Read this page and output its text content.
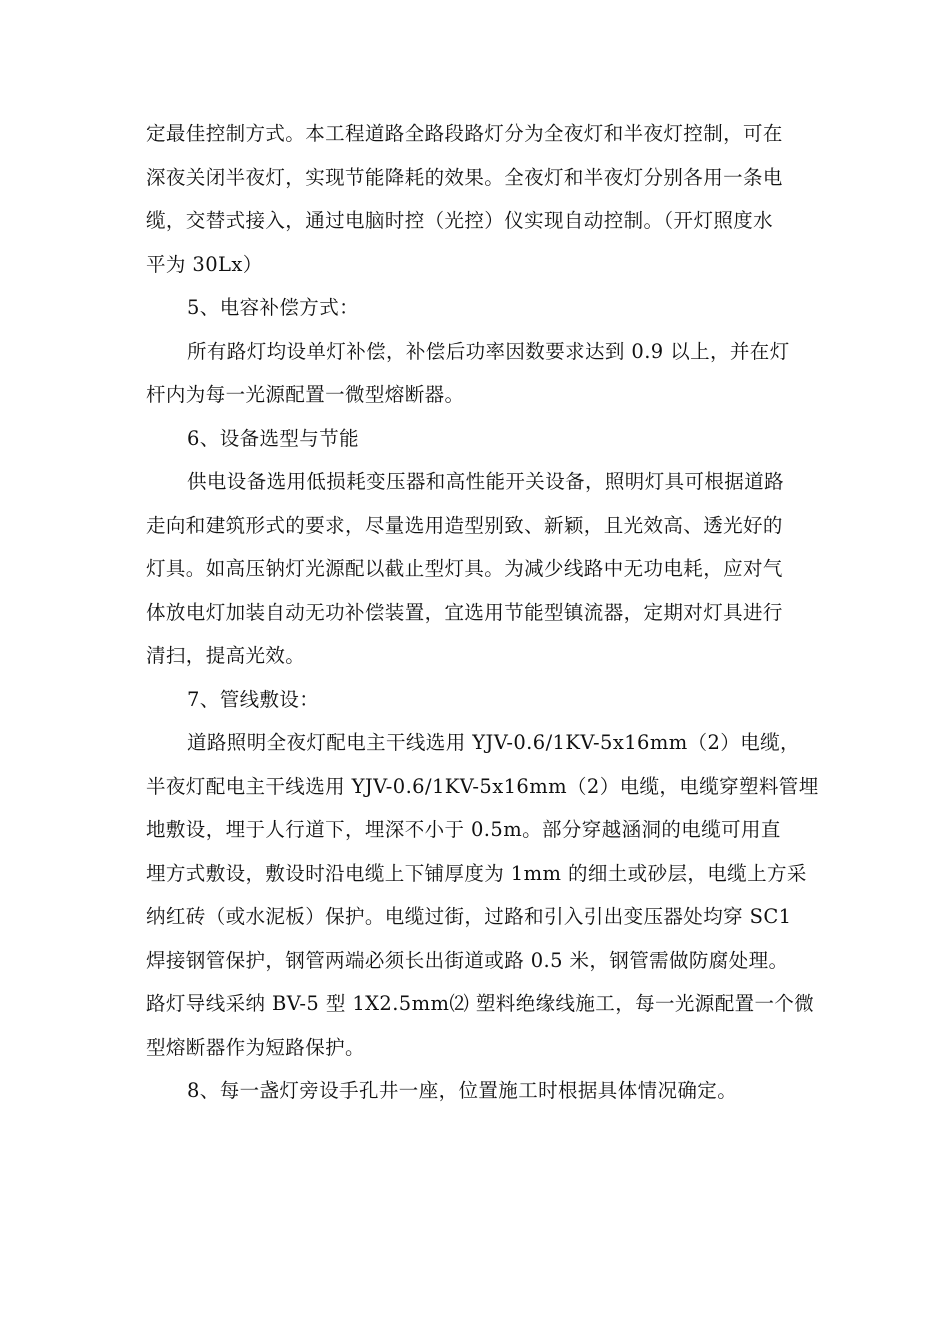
定最佳控制方式。本工程道路全路段路灯分为全夜灯和半夜灯控制，可在
深夜关闭半夜灯，实现节能降耗的效果。全夜灯和半夜灯分别各用一条电
缆，交替式接入，通过电脑时控（光控）仪实现自动控制。（开灯照度水
平为 30Lx）
5、电容补偿方式：
所有路灯均设单灯补偿，补偿后功率因数要求达到 0.9 以上，并在灯
杆内为每一光源配置一微型熔断器。
6、设备选型与节能
供电设备选用低损耗变压器和高性能开关设备，照明灯具可根据道路
走向和建筑形式的要求，尽量选用造型别致、新颖，且光效高、透光好的
灯具。如高压钠灯光源配以截止型灯具。为减少线路中无功电耗，应对气
体放电灯加装自动无功补偿装置，宜选用节能型镇流器，定期对灯具进行
清扫，提高光效。
7、管线敷设：
道路照明全夜灯配电主干线选用 YJV-0.6/1KV-5x16mm（2）电缆，
半夜灯配电主干线选用 YJV-0.6/1KV-5x16mm（2）电缆，电缆穿塑料管埋
地敷设，埋于人行道下，埋深不小于 0.5m。部分穿越涵洞的电缆可用直
埋方式敷设，敷设时沿电缆上下铺厚度为 1mm 的细土或砂层，电缆上方采
纳红砖（或水泥板）保护。电缆过街，过路和引入引出变压器处均穿 SC1
焊接钢管保护，钢管两端必须长出街道或路 0.5 米，钢管需做防腐处理。
路灯导线采纳 BV-5 型 1X2.5mm⑵ 塑料绝缘线施工，每一光源配置一个微
型熔断器作为短路保护。
8、每一盏灯旁设手孔井一座，位置施工时根据具体情况确定。
